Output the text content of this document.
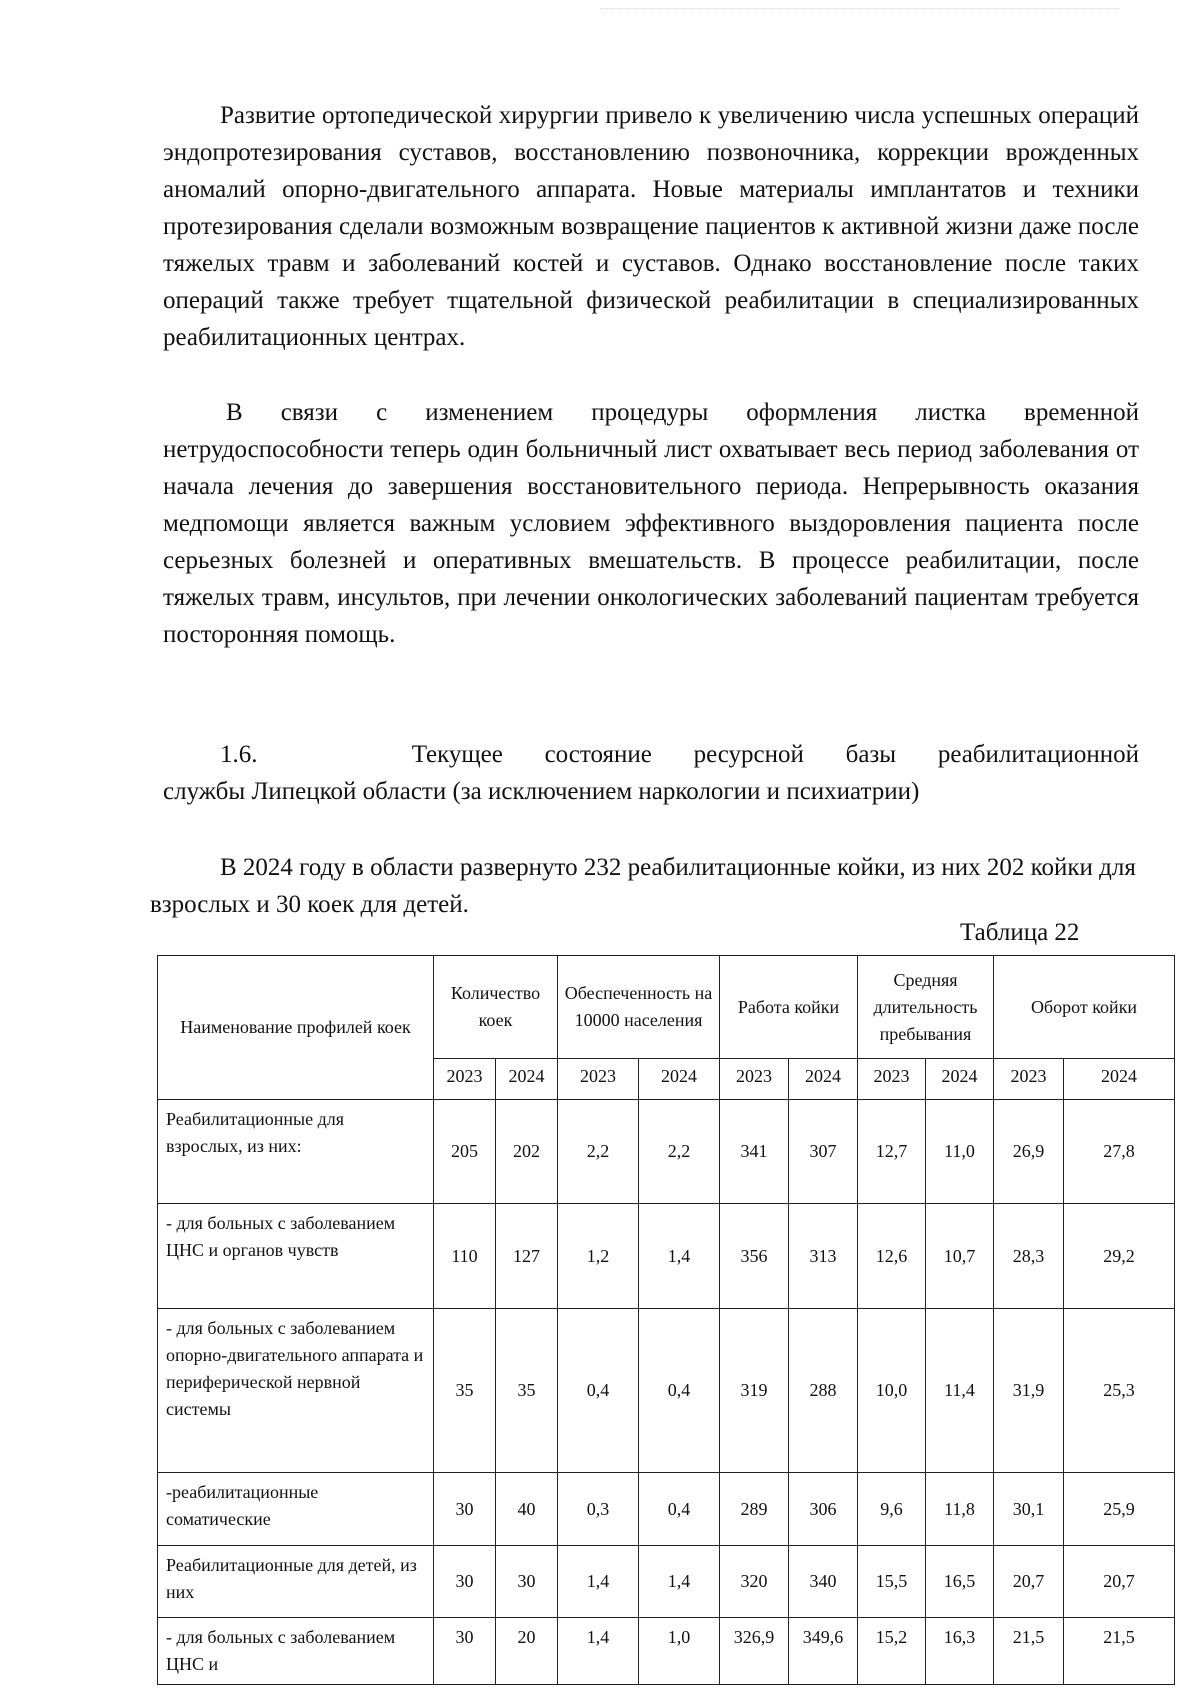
Развитие ортопедической хирургии привело к увеличению числа успешных операций эндопротезирования суставов, восстановлению позвоночника, коррекции врожденных аномалий опорно-двигательного аппарата. Новые материалы имплантатов и техники протезирования сделали возможным возвращение пациентов к активной жизни даже после тяжелых травм и заболеваний костей и суставов. Однако восстановление после таких операций также требует тщательной физической реабилитации в специализированных реабилитационных центрах.

В связи с изменением процедуры оформления листка временной нетрудоспособности теперь один больничный лист охватывает весь период заболевания от начала лечения до завершения восстановительного периода. Непрерывность оказания медпомощи является важным условием эффективного выздоровления пациента после серьезных болезней и оперативных вмешательств. В процессе реабилитации, после тяжелых травм, инсультов, при лечении онкологических заболеваний пациентам требуется посторонняя помощь.

1.6.	Текущее состояние ресурсной базы реабилитационной
службы Липецкой области (за исключением наркологии и психиатрии)

В 2024 году в области развернуто 232 реабилитационные койки, из них 202 койки для взрослых и 30 коек для детей.

Таблица 22
Наименование профилей коек	Количество коек		Обеспеченность на 10000 населения		Работа койки		Средняя длительность пребывания		Оборот койки	
	2023	2024	2023	2024	2023	2024	2023	2024	2023	2024
Реабилитационные для взрослых, из них:	205	202	2,2	2,2	341	307	12,7	11,0	26,9	27,8
- для больных с заболеванием ЦНС и органов чувств	110	127	1,2	1,4	356	313	12,6	10,7	28,3	29,2
- для больных с заболеванием опорно-двигательного аппарата и периферической нервной системы	35	35	0,4	0,4	319	288	10,0	11,4	31,9	25,3
-реабилитационные соматические	30	40	0,3	0,4	289	306	9,6	11,8	30,1	25,9
Реабилитационные для детей, из них	30	30	1,4	1,4	320	340	15,5	16,5	20,7	20,7
- для больных с заболеванием ЦНС и	30	20	1,4	1,0	326,9	349,6	15,2	16,3	21,5	21,5
